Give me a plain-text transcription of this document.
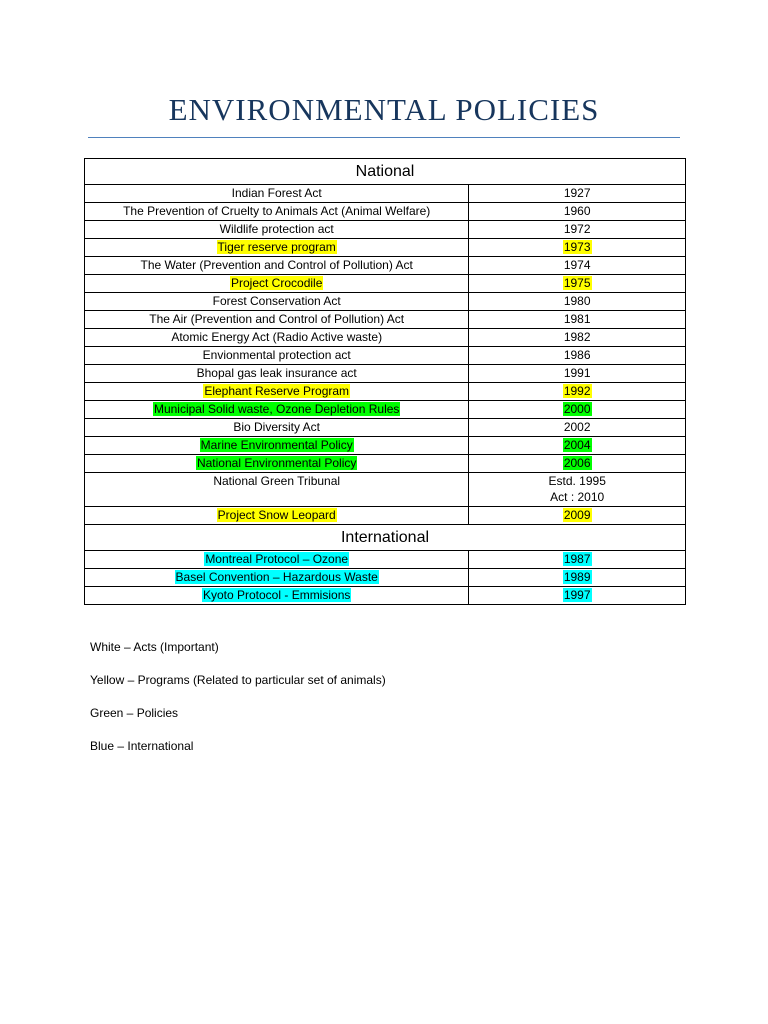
ENVIRONMENTAL POLICIES
National	
Indian Forest Act	1927
The Prevention of Cruelty to Animals Act (Animal Welfare)	1960
Wildlife protection act	1972
Tiger reserve program	1973
The Water (Prevention and Control of Pollution) Act	1974
Project Crocodile	1975
Forest Conservation Act	1980
The Air (Prevention and Control of Pollution) Act	1981
Atomic Energy Act (Radio Active waste)	1982
Envionmental protection act	1986
Bhopal gas leak insurance act	1991
Elephant Reserve Program	1992
Municipal Solid waste, Ozone Depletion Rules	2000
Bio Diversity Act	2002
Marine Environmental Policy	2004
National Environmental Policy	2006
National Green Tribunal	Estd. 1995
Act : 2010
Project Snow Leopard	2009
International	
Montreal Protocol – Ozone	1987
Basel Convention – Hazardous Waste	1989
Kyoto Protocol - Emmisions	1997

White – Acts (Important)

Yellow – Programs (Related to particular set of animals)

Green – Policies

Blue – International
